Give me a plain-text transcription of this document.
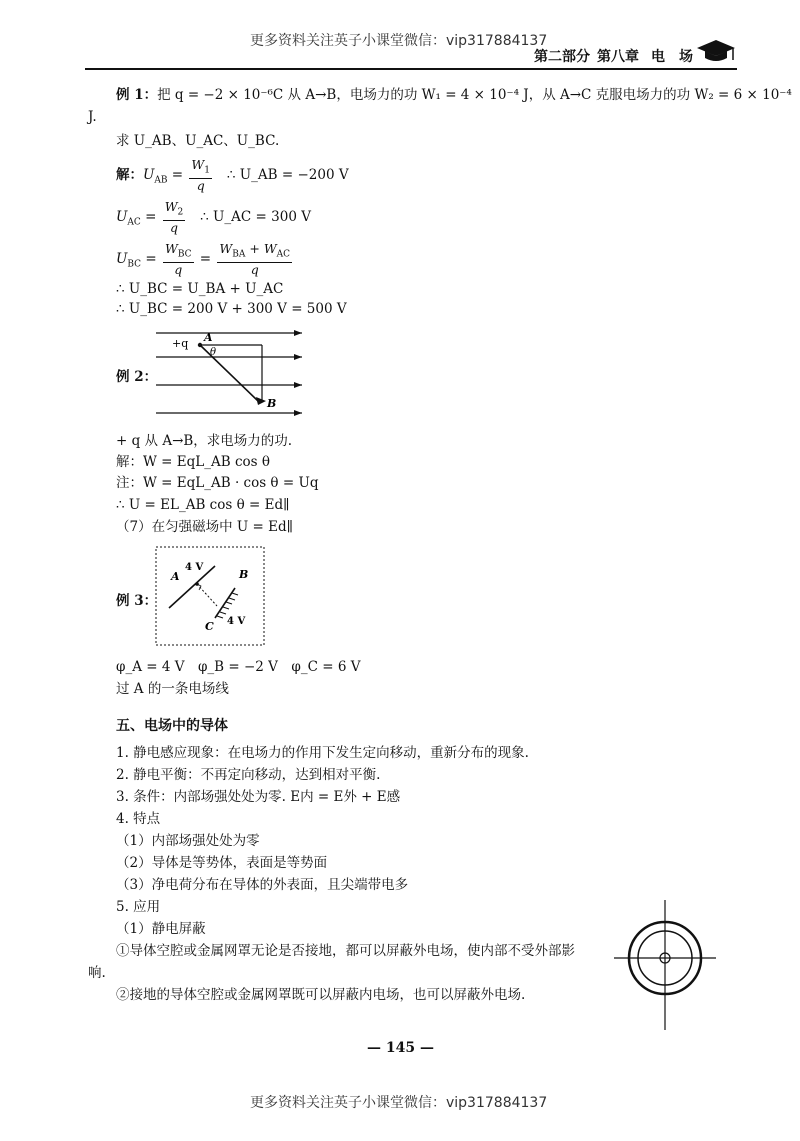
更多资料关注英子小课堂微信：vip317884137
第二部分 第八章 电　场
例 1：把 q = −2 × 10⁻⁶C 从 A→B，电场力的功 W₁ = 4 × 10⁻⁴ J，从 A→C 克服电场力的功 W₂ = 6 × 10⁻⁴
J.
求 U_AB、U_AC、U_BC.
解：$U_{AB} = \frac{W_1}{q}$ ∴ U_AB = −200 V
$U_{AC} = \frac{W_2}{q}$ ∴ U_AC = 300 V
$U_{BC} = \frac{W_{BC}}{q} = \frac{W_{BA} + W_{AC}}{q}$
∴ U_BC = U_BA + U_AC
∴ U_BC = 200 V + 300 V = 500 V
例 2：
+q A
θ
B
+ q 从 A→B，求电场力的功.
解：W = EqL_AB cos θ
注：W = EqL_AB · cos θ = Uq
∴ U = EL_AB cos θ = Ed∥
（7）在匀强磁场中 U = Ed∥
例 3：
A
4 V
B
C 4 V
φ_A = 4 V　φ_B = −2 V　φ_C = 6 V
过 A 的一条电场线
五、电场中的导体
1. 静电感应现象：在电场力的作用下发生定向移动，重新分布的现象.
2. 静电平衡：不再定向移动，达到相对平衡.
3. 条件：内部场强处处为零. E内 = E外 + E感
4. 特点
（1）内部场强处处为零
（2）导体是等势体，表面是等势面
（3）净电荷分布在导体的外表面，且尖端带电多
5. 应用
（1）静电屏蔽
①导体空腔或金属网罩无论是否接地，都可以屏蔽外电场，使内部不受外部影
响.
②接地的导体空腔或金属网罩既可以屏蔽内电场，也可以屏蔽外电场.
— 145 —
更多资料关注英子小课堂微信：vip317884137
